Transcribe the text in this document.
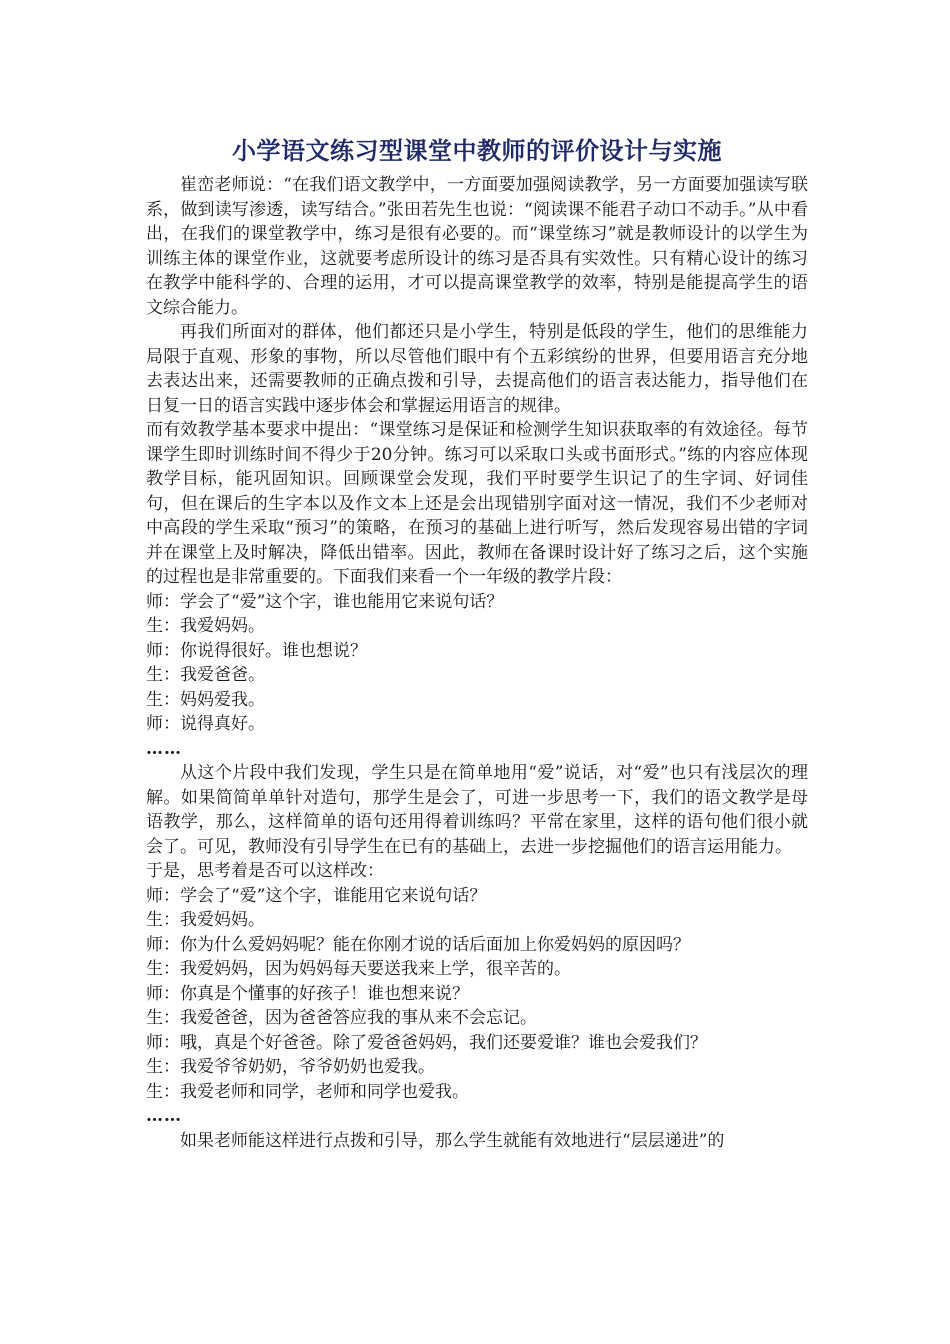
小学语文练习型课堂中教师的评价设计与实施

崔峦老师说：“在我们语文教学中，一方面要加强阅读教学，另一方面要加强读写联系，做到读写渗透，读写结合。”张田若先生也说：“阅读课不能君子动口不动手。”从中看出，在我们的课堂教学中，练习是很有必要的。而“课堂练习”就是教师设计的以学生为训练主体的课堂作业，这就要考虑所设计的练习是否具有实效性。只有精心设计的练习在教学中能科学的、合理的运用，才可以提高课堂教学的效率，特别是能提高学生的语文综合能力。

再我们所面对的群体，他们都还只是小学生，特别是低段的学生，他们的思维能力局限于直观、形象的事物，所以尽管他们眼中有个五彩缤纷的世界，但要用语言充分地去表达出来，还需要教师的正确点拨和引导，去提高他们的语言表达能力，指导他们在日复一日的语言实践中逐步体会和掌握运用语言的规律。

而有效教学基本要求中提出：“课堂练习是保证和检测学生知识获取率的有效途径。每节课学生即时训练时间不得少于20分钟。练习可以采取口头或书面形式。”练的内容应体现教学目标，能巩固知识。回顾课堂会发现，我们平时要学生识记了的生字词、好词佳句，但在课后的生字本以及作文本上还是会出现错别字面对这一情况，我们不少老师对中高段的学生采取“预习”的策略，在预习的基础上进行听写，然后发现容易出错的字词并在课堂上及时解决，降低出错率。因此，教师在备课时设计好了练习之后，这个实施的过程也是非常重要的。下面我们来看一个一年级的教学片段：

师：学会了“爱”这个字，谁也能用它来说句话？

生：我爱妈妈。

师：你说得很好。谁也想说？

生：我爱爸爸。

生：妈妈爱我。

师：说得真好。

……

从这个片段中我们发现，学生只是在简单地用“爱”说话，对“爱”也只有浅层次的理解。如果简简单单针对造句，那学生是会了，可进一步思考一下，我们的语文教学是母语教学，那么，这样简单的语句还用得着训练吗？平常在家里，这样的语句他们很小就会了。可见，教师没有引导学生在已有的基础上，去进一步挖掘他们的语言运用能力。

于是，思考着是否可以这样改：

师：学会了“爱”这个字，谁能用它来说句话？

生：我爱妈妈。

师：你为什么爱妈妈呢？能在你刚才说的话后面加上你爱妈妈的原因吗？

生：我爱妈妈，因为妈妈每天要送我来上学，很辛苦的。

师：你真是个懂事的好孩子！谁也想来说？

生：我爱爸爸，因为爸爸答应我的事从来不会忘记。

师：哦，真是个好爸爸。除了爱爸爸妈妈，我们还要爱谁？谁也会爱我们？

生：我爱爷爷奶奶，爷爷奶奶也爱我。

生：我爱老师和同学，老师和同学也爱我。

……

如果老师能这样进行点拨和引导，那么学生就能有效地进行“层层递进”的
